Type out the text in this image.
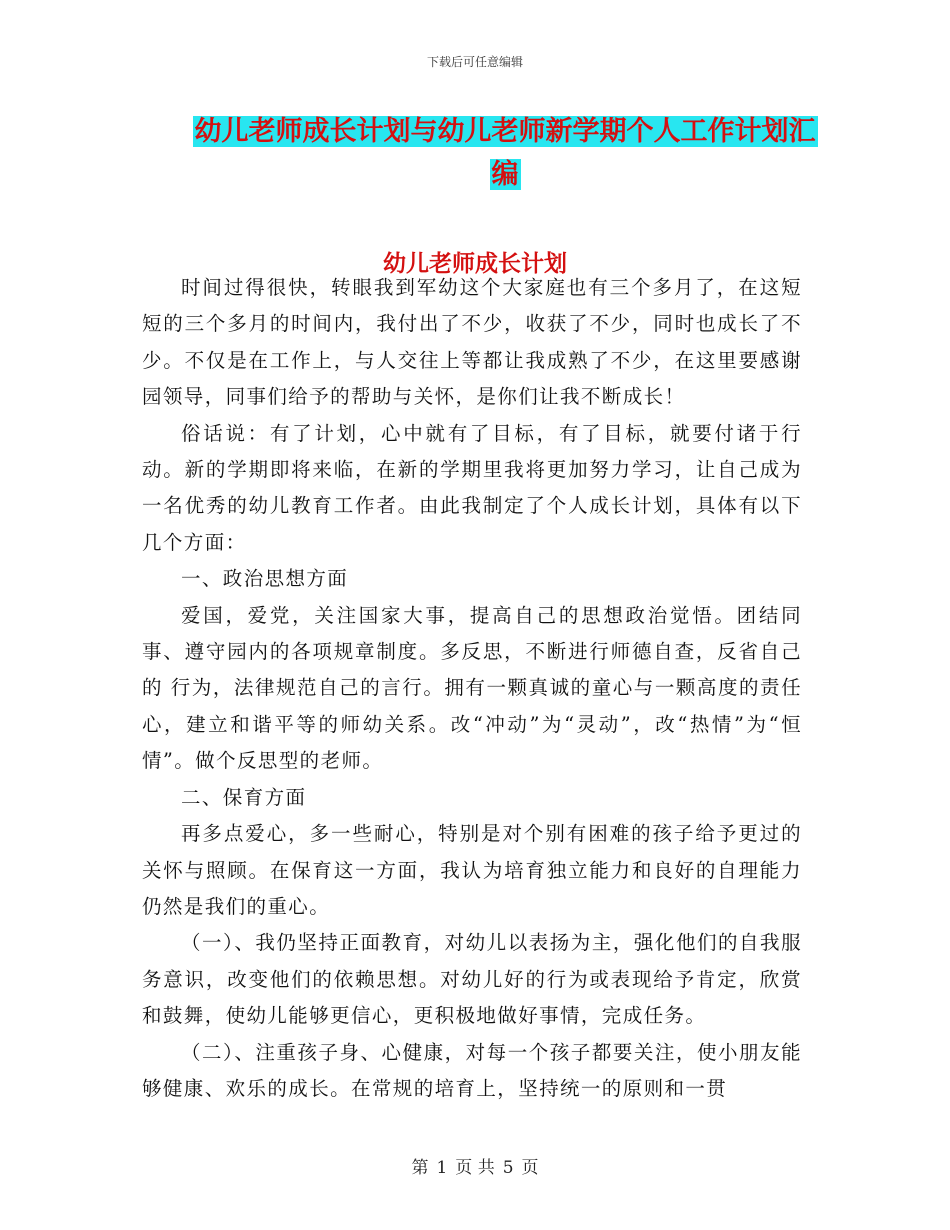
下载后可任意编辑
幼儿老师成长计划与幼儿老师新学期个人工作计划汇编
幼儿老师成长计划

时间过得很快，转眼我到军幼这个大家庭也有三个多月了，在这短短的三个多月的时间内，我付出了不少，收获了不少，同时也成长了不少。不仅是在工作上，与人交往上等都让我成熟了不少，在这里要感谢园领导，同事们给予的帮助与关怀，是你们让我不断成长！

俗话说：有了计划，心中就有了目标，有了目标，就要付诸于行动。新的学期即将来临，在新的学期里我将更加努力学习，让自己成为一名优秀的幼儿教育工作者。由此我制定了个人成长计划，具体有以下几个方面：

一、政治思想方面

爱国，爱党，关注国家大事，提高自己的思想政治觉悟。团结同事、遵守园内的各项规章制度。多反思，不断进行师德自查，反省自己的 行为，法律规范自己的言行。拥有一颗真诚的童心与一颗高度的责任心，建立和谐平等的师幼关系。改“冲动”为“灵动”，改“热情”为“恒情”。做个反思型的老师。

二、保育方面

再多点爱心，多一些耐心，特别是对个别有困难的孩子给予更过的关怀与照顾。在保育这一方面，我认为培育独立能力和良好的自理能力仍然是我们的重心。

（一）、我仍坚持正面教育，对幼儿以表扬为主，强化他们的自我服务意识，改变他们的依赖思想。对幼儿好的行为或表现给予肯定，欣赏和鼓舞，使幼儿能够更信心，更积极地做好事情，完成任务。

（二）、注重孩子身、心健康，对每一个孩子都要关注，使小朋友能够健康、欢乐的成长。在常规的培育上，坚持统一的原则和一贯

第 1 页 共 5 页
